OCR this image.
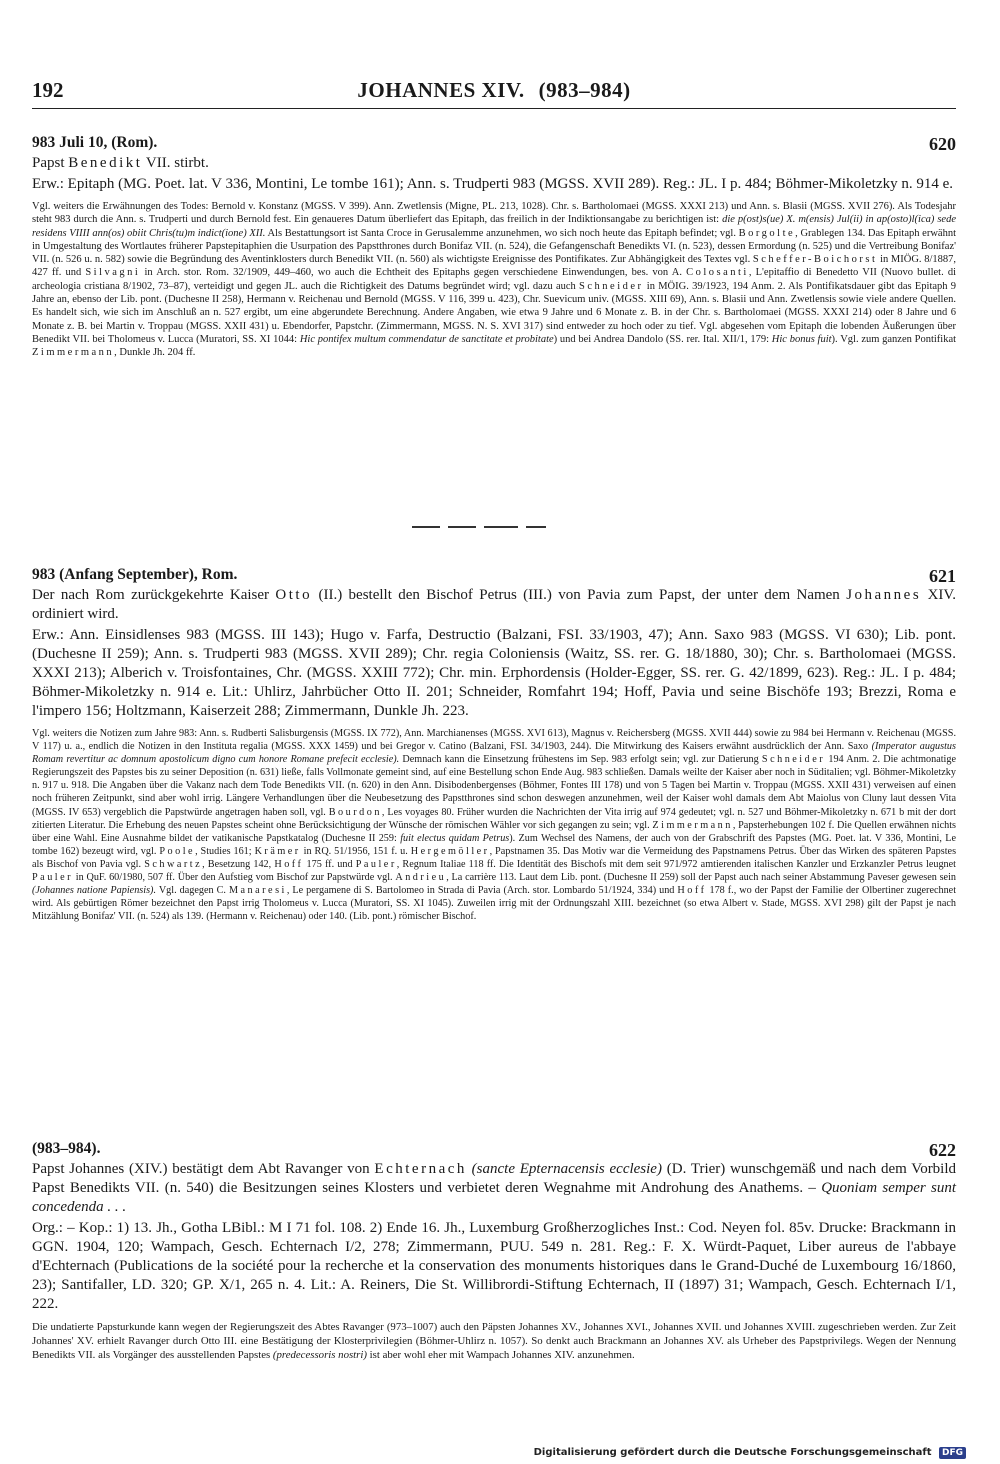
192	JOHANNES XIV. (983–984)
983 Juli 10, (Rom).	620

Papst Benedikt VII. stirbt.

Erw.: Epitaph (MG. Poet. lat. V 336, Montini, Le tombe 161); Ann. s. Trudperti 983 (MGSS. XVII 289). Reg.: JL. I p. 484; Böhmer-Mikoletzky n. 914 e.

Vgl. weiters die Erwähnungen des Todes: Bernold v. Konstanz (MGSS. V 399). Ann. Zwetlensis (Migne, PL. 213, 1028). Chr. s. Bartholomaei (MGSS. XXXI 213) und Ann. s. Blasii (MGSS. XVII 276). Als Todesjahr steht 983 durch die Ann. s. Trudperti und durch Bernold fest. Ein genaueres Datum überliefert das Epitaph, das freilich in der Indiktionsangabe zu berichtigen ist: die p(ost)s(ue) X. m(ensis) Jul(ii) in ap(osto)l(ica) sede residens VIIII ann(os) obiit Chris(tu)m indict(ione) XII. Als Bestattungsort ist Santa Croce in Gerusalemme anzunehmen, wo sich noch heute das Epitaph befindet; vgl. Borgolte, Grablegen 134. Das Epitaph erwähnt in Umgestaltung des Wortlautes früherer Papstepitaphien die Usurpation des Papstthrones durch Bonifaz VII. (n. 524), die Gefangenschaft Benedikts VI. (n. 523), dessen Ermordung (n. 525) und die Vertreibung Bonifaz' VII. (n. 526 u. n. 582) sowie die Begründung des Aventinklosters durch Benedikt VII. (n. 560) als wichtigste Ereignisse des Pontifikates. Zur Abhängigkeit des Textes vgl. Scheffer-Boichorst in MIÖG. 8/1887, 427 ff. und Silvagni in Arch. stor. Rom. 32/1909, 449–460, wo auch die Echtheit des Epitaphs gegen verschiedene Einwendungen, bes. von A. Colosanti, L'epitaffio di Benedetto VII (Nuovo bullet. di archeologia cristiana 8/1902, 73–87), verteidigt und gegen JL. auch die Richtigkeit des Datums begründet wird; vgl. dazu auch Schneider in MÖIG. 39/1923, 194 Anm. 2. Als Pontifikatsdauer gibt das Epitaph 9 Jahre an, ebenso der Lib. pont. (Duchesne II 258), Hermann v. Reichenau und Bernold (MGSS. V 116, 399 u. 423), Chr. Suevicum univ. (MGSS. XIII 69), Ann. s. Blasii und Ann. Zwetlensis sowie viele andere Quellen. Es handelt sich, wie sich im Anschluß an n. 527 ergibt, um eine abgerundete Berechnung. Andere Angaben, wie etwa 9 Jahre und 6 Monate z. B. in der Chr. s. Bartholomaei (MGSS. XXXI 214) oder 8 Jahre und 6 Monate z. B. bei Martin v. Troppau (MGSS. XXII 431) u. Ebendorfer, Papstchr. (Zimmermann, MGSS. N. S. XVI 317) sind entweder zu hoch oder zu tief. Vgl. abgesehen vom Epitaph die lobenden Äußerungen über Benedikt VII. bei Tholomeus v. Lucca (Muratori, SS. XI 1044: Hic pontifex multum commendatur de sanctitate et probitate) und bei Andrea Dandolo (SS. rer. Ital. XII/1, 179: Hic bonus fuit). Vgl. zum ganzen Pontifikat Zimmermann, Dunkle Jh. 204 ff.

983 (Anfang September), Rom.	621

Der nach Rom zurückgekehrte Kaiser Otto (II.) bestellt den Bischof Petrus (III.) von Pavia zum Papst, der unter dem Namen Johannes XIV. ordiniert wird.

Erw.: Ann. Einsidlenses 983 (MGSS. III 143); Hugo v. Farfa, Destructio (Balzani, FSI. 33/1903, 47); Ann. Saxo 983 (MGSS. VI 630); Lib. pont. (Duchesne II 259); Ann. s. Trudperti 983 (MGSS. XVII 289); Chr. regia Coloniensis (Waitz, SS. rer. G. 18/1880, 30); Chr. s. Bartholomaei (MGSS. XXXI 213); Alberich v. Troisfontaines, Chr. (MGSS. XXIII 772); Chr. min. Erphordensis (Holder-Egger, SS. rer. G. 42/1899, 623). Reg.: JL. I p. 484; Böhmer-Mikoletzky n. 914 e. Lit.: Uhlirz, Jahrbücher Otto II. 201; Schneider, Romfahrt 194; Hoff, Pavia und seine Bischöfe 193; Brezzi, Roma e l'impero 156; Holtzmann, Kaiserzeit 288; Zimmermann, Dunkle Jh. 223.

Vgl. weiters die Notizen zum Jahre 983: Ann. s. Rudberti Salisburgensis (MGSS. IX 772), Ann. Marchianenses (MGSS. XVI 613), Magnus v. Reichersberg (MGSS. XVII 444) sowie zu 984 bei Hermann v. Reichenau (MGSS. V 117) u. a., endlich die Notizen in den Instituta regalia (MGSS. XXX 1459) und bei Gregor v. Catino (Balzani, FSI. 34/1903, 244). Die Mitwirkung des Kaisers erwähnt ausdrücklich der Ann. Saxo (Imperator augustus Romam revertitur ac domnum apostolicum digno cum honore Romane prefecit ecclesie). Demnach kann die Einsetzung frühestens im Sep. 983 erfolgt sein; vgl. zur Datierung Schneider 194 Anm. 2. Die achtmonatige Regierungszeit des Papstes bis zu seiner Deposition (n. 631) ließe, falls Vollmonate gemeint sind, auf eine Bestellung schon Ende Aug. 983 schließen. Damals weilte der Kaiser aber noch in Süditalien; vgl. Böhmer-Mikoletzky n. 917 u. 918. Die Angaben über die Vakanz nach dem Tode Benedikts VII. (n. 620) in den Ann. Disibodenbergenses (Böhmer, Fontes III 178) und von 5 Tagen bei Martin v. Troppau (MGSS. XXII 431) verweisen auf einen noch früheren Zeitpunkt, sind aber wohl irrig. Längere Verhandlungen über die Neubesetzung des Papstthrones sind schon deswegen anzunehmen, weil der Kaiser wohl damals dem Abt Maiolus von Cluny laut dessen Vita (MGSS. IV 653) vergeblich die Papstwürde angetragen haben soll, vgl. Bourdon, Les voyages 80. Früher wurden die Nachrichten der Vita irrig auf 974 gedeutet; vgl. n. 527 und Böhmer-Mikoletzky n. 671 b mit der dort zitierten Literatur. Die Erhebung des neuen Papstes scheint ohne Berücksichtigung der Wünsche der römischen Wähler vor sich gegangen zu sein; vgl. Zimmermann, Papsterhebungen 102 f. Die Quellen erwähnen nichts über eine Wahl. Eine Ausnahme bildet der vatikanische Papstkatalog (Duchesne II 259: fuit electus quidam Petrus). Zum Wechsel des Namens, der auch von der Grabschrift des Papstes (MG. Poet. lat. V 336, Montini, Le tombe 162) bezeugt wird, vgl. Poole, Studies 161; Krämer in RQ. 51/1956, 151 f. u. Hergemöller, Papstnamen 35. Das Motiv war die Vermeidung des Papstnamens Petrus. Über das Wirken des späteren Papstes als Bischof von Pavia vgl. Schwartz, Besetzung 142, Hoff 175 ff. und Pauler, Regnum Italiae 118 ff. Die Identität des Bischofs mit dem seit 971/972 amtierenden italischen Kanzler und Erzkanzler Petrus leugnet Pauler in QuF. 60/1980, 507 ff. Über den Aufstieg vom Bischof zur Papstwürde vgl. Andrieu, La carrière 113. Laut dem Lib. pont. (Duchesne II 259) soll der Papst auch nach seiner Abstammung Paveser gewesen sein (Johannes natione Papiensis). Vgl. dagegen C. Manaresi, Le pergamene di S. Bartolomeo in Strada di Pavia (Arch. stor. Lombardo 51/1924, 334) und Hoff 178 f., wo der Papst der Familie der Olbertiner zugerechnet wird. Als gebürtigen Römer bezeichnet den Papst irrig Tholomeus v. Lucca (Muratori, SS. XI 1045). Zuweilen irrig mit der Ordnungszahl XIII. bezeichnet (so etwa Albert v. Stade, MGSS. XVI 298) gilt der Papst je nach Mitzählung Bonifaz' VII. (n. 524) als 139. (Hermann v. Reichenau) oder 140. (Lib. pont.) römischer Bischof.

(983–984).	622

Papst Johannes (XIV.) bestätigt dem Abt Ravanger von Echternach (sancte Epternacensis ecclesie) (D. Trier) wunschgemäß und nach dem Vorbild Papst Benedikts VII. (n. 540) die Besitzungen seines Klosters und verbietet deren Wegnahme mit Androhung des Anathems. – Quoniam semper sunt concedenda . . .

Org.: – Kop.: 1) 13. Jh., Gotha LBibl.: M I 71 fol. 108. 2) Ende 16. Jh., Luxemburg Großherzogliches Inst.: Cod. Neyen fol. 85v. Drucke: Brackmann in GGN. 1904, 120; Wampach, Gesch. Echternach I/2, 278; Zimmermann, PUU. 549 n. 281. Reg.: F. X. Würdt-Paquet, Liber aureus de l'abbaye d'Echternach (Publications de la société pour la recherche et la conservation des monuments historiques dans le Grand-Duché de Luxembourg 16/1860, 23); Santifaller, LD. 320; GP. X/1, 265 n. 4. Lit.: A. Reiners, Die St. Willibrordi-Stiftung Echternach, II (1897) 31; Wampach, Gesch. Echternach I/1, 222.

Die undatierte Papsturkunde kann wegen der Regierungszeit des Abtes Ravanger (973–1007) auch den Päpsten Johannes XV., Johannes XVI., Johannes XVII. und Johannes XVIII. zugeschrieben werden. Zur Zeit Johannes' XV. erhielt Ravanger durch Otto III. eine Bestätigung der Klosterprivilegien (Böhmer-Uhlirz n. 1057). So denkt auch Brackmann an Johannes XV. als Urheber des Papstprivilegs. Wegen der Nennung Benedikts VII. als Vorgänger des ausstellenden Papstes (predecessoris nostri) ist aber wohl eher mit Wampach Johannes XIV. anzunehmen.

Digitalisierung gefördert durch die Deutsche Forschungsgemeinschaft DFG
